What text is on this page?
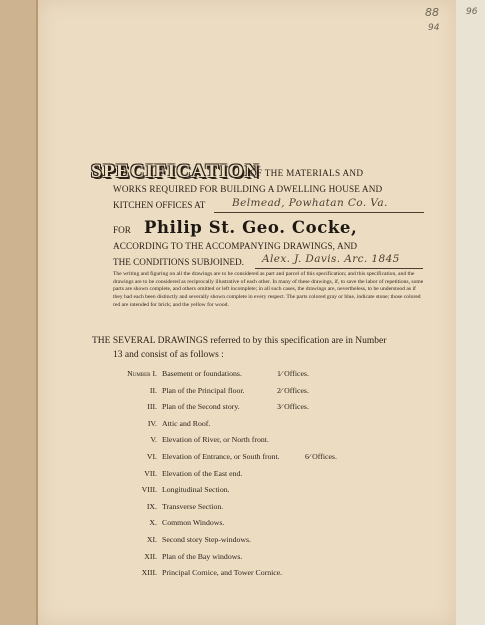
88	96
94
SPECIFICATION
OF THE MATERIALS AND
WORKS REQUIRED FOR BUILDING A DWELLING HOUSE AND
KITCHEN OFFICES AT	Belmead, Powhatan Co. Va.
FOR Philip St. Geo. Cocke,
ACCORDING TO THE ACCOMPANYING DRAWINGS, AND
THE CONDITIONS SUBJOINED. Alex. J. Davis. Arc. 1845
The writing and figuring on all the drawings are to be considered as part and parcel of this specification; and this specification, and the drawings are to be considered as reciprocally illustrative of each other. In many of these drawings, if, to save the labor of repetitions, some parts are shown complete, and others omitted or left incomplete; in all such cases, the drawings are, nevertheless, to be understood as if they had each been distinctly and severally shown complete in every respect. The parts colored gray or blue, indicate stone; those colored red are intended for brick; and the yellow for wood.
THE SEVERAL DRAWINGS referred to by this specification are in Number
13 and consist of as follows :
Number I. Basement or foundations.	1⁄ Offices.
II. Plan of the Principal floor.	2⁄ Offices.
III. Plan of the Second story.	3⁄ Offices.
IV. Attic and Roof.
V. Elevation of River, or North front.
VI. Elevation of Entrance, or South front.	6⁄ Offices.
VII. Elevation of the East end.
VIII. Longitudinal Section.
IX. Transverse Section.
X. Common Windows.
XI. Second story Step-windows.
XII. Plan of the Bay windows.
XIII. Principal Cornice, and Tower Cornice.
